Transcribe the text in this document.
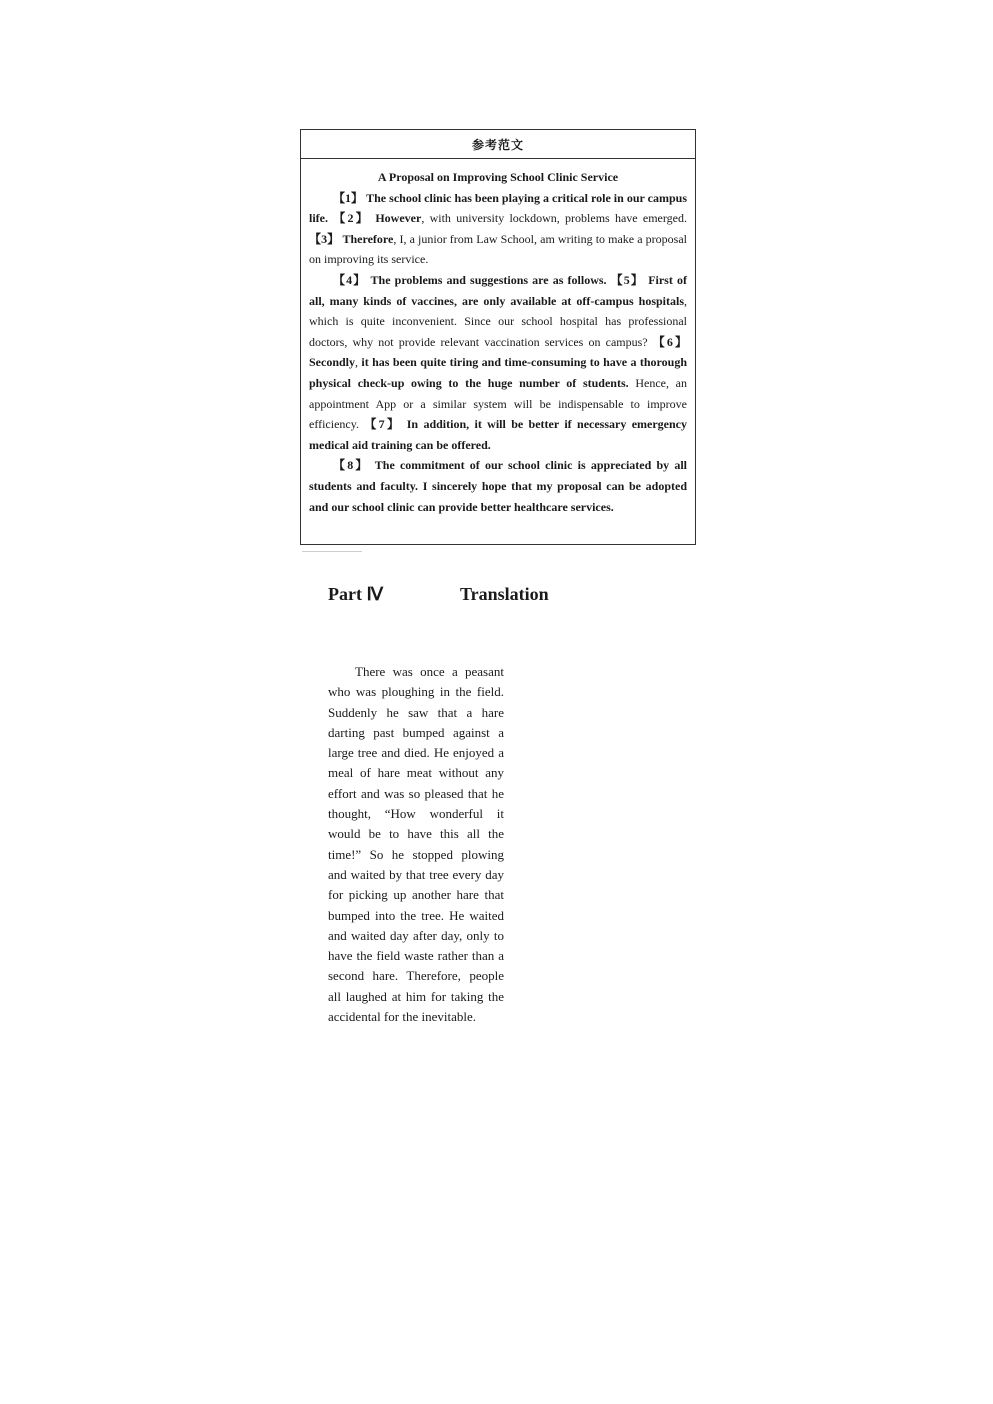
参考范文

A Proposal on Improving School Clinic Service

【1】 The school clinic has been playing a critical role in our campus life. 【2】 However, with university lockdown, problems have emerged. 【3】 Therefore, I, a junior from Law School, am writing to make a proposal on improving its service.

【4】 The problems and suggestions are as follows. 【5】 First of all, many kinds of vaccines, are only available at off-campus hospitals, which is quite inconvenient. Since our school hospital has professional doctors, why not provide relevant vaccination services on campus? 【6】 Secondly, it has been quite tiring and time-consuming to have a thorough physical check-up owing to the huge number of students. Hence, an appointment App or a similar system will be indispensable to improve efficiency. 【7】 In addition, it will be better if necessary emergency medical aid training can be offered.

【8】 The commitment of our school clinic is appreciated by all students and faculty. I sincerely hope that my proposal can be adopted and our school clinic can provide better healthcare services.

Part Ⅳ	Translation

There was once a peasant who was ploughing in the field. Suddenly he saw that a hare darting past bumped against a large tree and died. He enjoyed a meal of hare meat without any effort and was so pleased that he thought, “How wonderful it would be to have this all the time!” So he stopped plowing and waited by that tree every day for picking up another hare that bumped into the tree. He waited and waited day after day, only to have the field waste rather than a second hare. Therefore, people all laughed at him for taking the accidental for the inevitable.
